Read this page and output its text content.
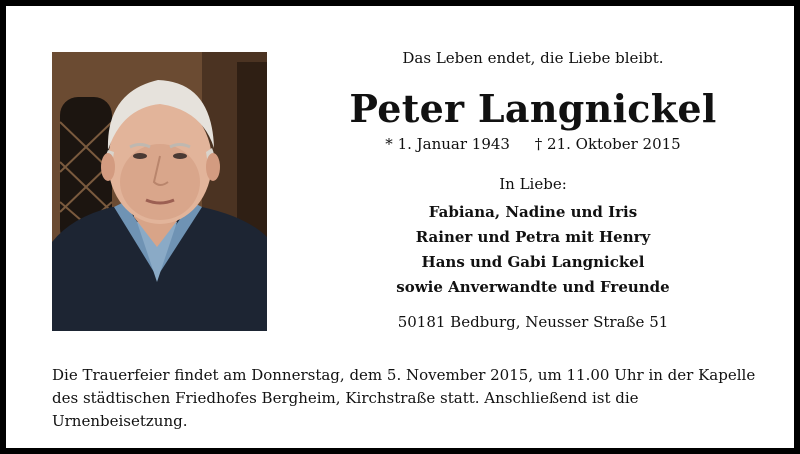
Das Leben endet, die Liebe bleibt.
Peter Langnickel
* 1. Januar 1943 † 21. Oktober 2015
In Liebe:
Fabiana, Nadine und Iris
Rainer und Petra mit Henry
Hans und Gabi Langnickel
sowie Anverwandte und Freunde
50181 Bedburg, Neusser Straße 51
Die Trauerfeier findet am Donnerstag, dem 5. November 2015, um 11.00 Uhr in der Kapelle des städtischen Friedhofes Bergheim, Kirchstraße statt. Anschließend ist die Urnenbeisetzung.
